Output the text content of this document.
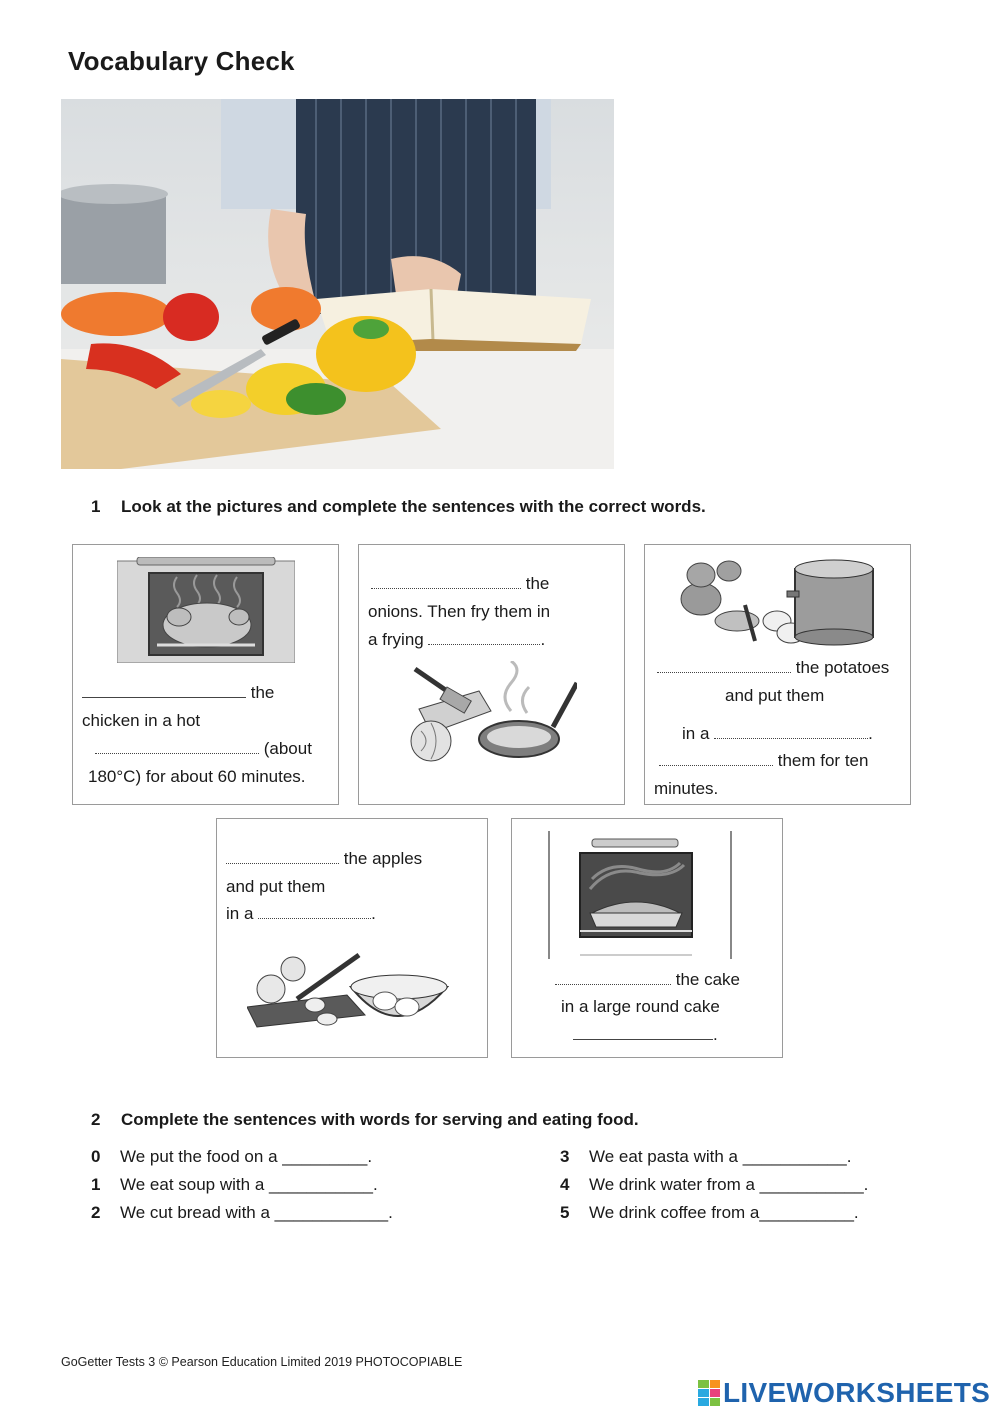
Vocabulary Check
1 Look at the pictures and complete the sentences with the correct words.
the
chicken in a hot
(about
180°C) for about 60 minutes.
the
onions. Then fry them in
a frying	.
the potatoes
and put them
in a	.
them for ten
minutes.
the apples
and put them
in a	.
the cake
in a large round cake
.
2 Complete the sentences with words for serving and eating food.
0 We put the food on a _________.
1 We eat soup with a ___________.
2 We cut bread with a ____________.
3 We eat pasta with a ___________.
4 We drink water from a ___________.
5 We drink coffee from a__________.
GoGetter Tests 3 © Pearson Education Limited 2019 PHOTOCOPIABLE
LIVEWORKSHEETS
